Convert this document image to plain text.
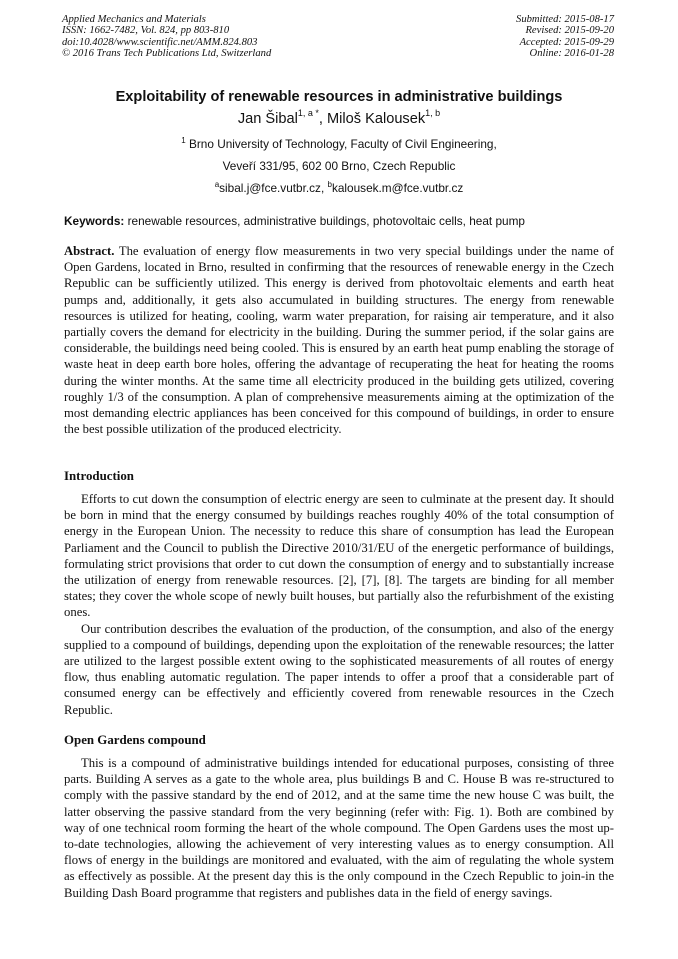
Applied Mechanics and Materials
ISSN: 1662-7482, Vol. 824, pp 803-810
doi:10.4028/www.scientific.net/AMM.824.803
© 2016 Trans Tech Publications Ltd, Switzerland
Submitted: 2015-08-17
Revised: 2015-09-20
Accepted: 2015-09-29
Online: 2016-01-28
Exploitability of renewable resources in administrative buildings
Jan Šibal$^{1, a *}$, Miloš Kalousek$^{1, b}$
$^1$ Brno University of Technology, Faculty of Civil Engineering,
Veveří 331/95, 602 00 Brno, Czech Republic
$^a$sibal.j@fce.vutbr.cz, $^b$kalousek.m@fce.vutbr.cz
Keywords: renewable resources, administrative buildings, photovoltaic cells, heat pump

Abstract. The evaluation of energy flow measurements in two very special buildings under the name of Open Gardens, located in Brno, resulted in confirming that the resources of renewable energy in the Czech Republic can be sufficiently utilized. This energy is derived from photovoltaic elements and earth heat pumps and, additionally, it gets also accumulated in building structures. The energy from renewable resources is utilized for heating, cooling, warm water preparation, for raising air temperature, and it also partially covers the demand for electricity in the building. During the summer period, if the solar gains are considerable, the buildings need being cooled. This is ensured by an earth heat pump enabling the storage of waste heat in deep earth bore holes, offering the advantage of recuperating the heat for heating the rooms during the winter months. At the same time all electricity produced in the building gets utilized, covering roughly 1/3 of the consumption. A plan of comprehensive measurements aiming at the optimization of the most demanding electric appliances has been conceived for this compound of buildings, in order to ensure the best possible utilization of the produced electricity.

Introduction

Efforts to cut down the consumption of electric energy are seen to culminate at the present day. It should be born in mind that the energy consumed by buildings reaches roughly 40% of the total consumption of energy in the European Union. The necessity to reduce this share of consumption has lead the European Parliament and the Council to publish the Directive 2010/31/EU of the energetic performance of buildings, formulating strict provisions that order to cut down the consumption of energy and to substantially increase the utilization of energy from renewable resources. [2], [7], [8]. The targets are binding for all member states; they cover the whole scope of newly built houses, but partially also the refurbishment of the existing ones.

Our contribution describes the evaluation of the production, of the consumption, and also of the energy supplied to a compound of buildings, depending upon the exploitation of the renewable resources; the latter are utilized to the largest possible extent owing to the sophisticated measurements of all routes of energy flow, thus enabling automatic regulation. The paper intends to offer a proof that a considerable part of consumed energy can be effectively and efficiently covered from renewable resources in the Czech Republic.

Open Gardens compound

This is a compound of administrative buildings intended for educational purposes, consisting of three parts. Building A serves as a gate to the whole area, plus buildings B and C. House B was re-structured to comply with the passive standard by the end of 2012, and at the same time the new house C was built, the latter observing the passive standard from the very beginning (refer with: Fig. 1). Both are combined by way of one technical room forming the heart of the whole compound. The Open Gardens uses the most up-to-date technologies, allowing the achievement of very interesting values as to energy consumption. All flows of energy in the buildings are monitored and evaluated, with the aim of regulating the whole system as effectively as possible. At the present day this is the only compound in the Czech Republic to join-in the Building Dash Board programme that registers and publishes data in the field of energy savings.
